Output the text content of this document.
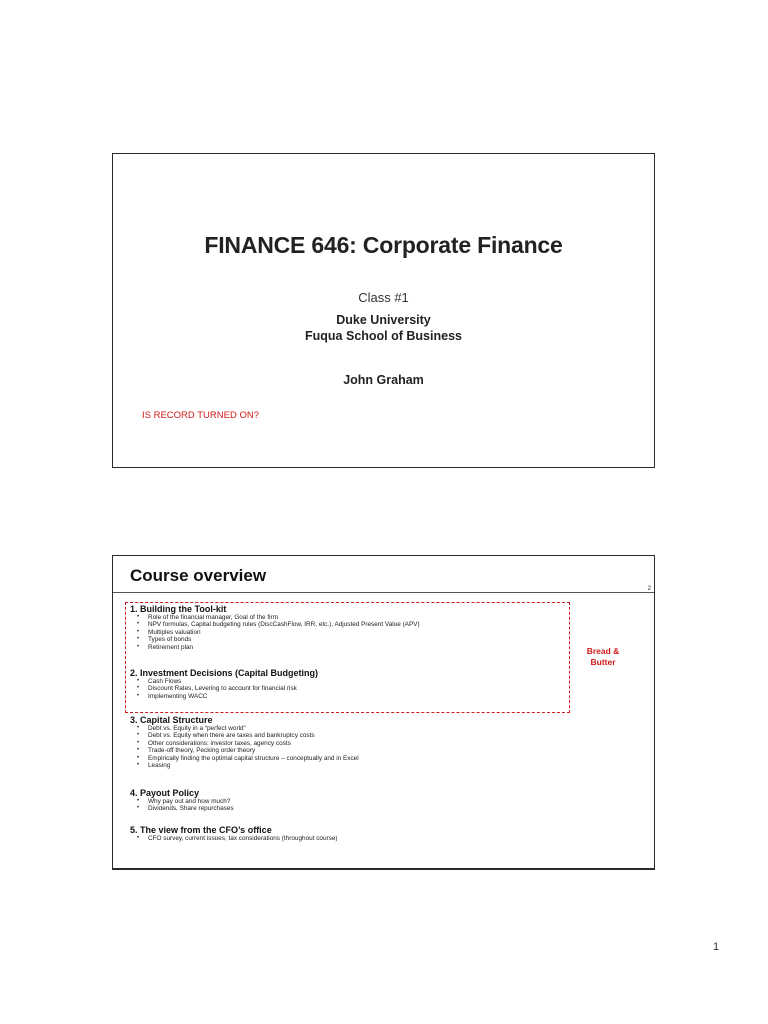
FINANCE 646: Corporate Finance
Class #1
Duke University
Fuqua School of Business
John Graham
IS RECORD TURNED ON?
Course overview
2
Bread &
Butter
1. Building the Tool-kit
• Role of the financial manager, Goal of the firm
• NPV formulas, Capital budgeting rules (DiscCashFlow, IRR, etc.), Adjusted Present Value (APV)
• Multiples valuation
• Types of bonds
• Retirement plan
2. Investment Decisions (Capital Budgeting)
• Cash Flows
• Discount Rates, Levering to account for financial risk
• Implementing WACC
3. Capital Structure
• Debt vs. Equity in a “perfect world”
• Debt vs. Equity when there are taxes and bankruptcy costs
• Other considerations: investor taxes, agency costs
• Trade-off theory, Pecking order theory
• Empirically finding the optimal capital structure – conceptually and in Excel
• Leasing
4. Payout Policy
• Why pay out and how much?
• Dividends, Share repurchases
5. The view from the CFO’s office
• CFO survey, current issues, tax considerations (throughout course)
1
